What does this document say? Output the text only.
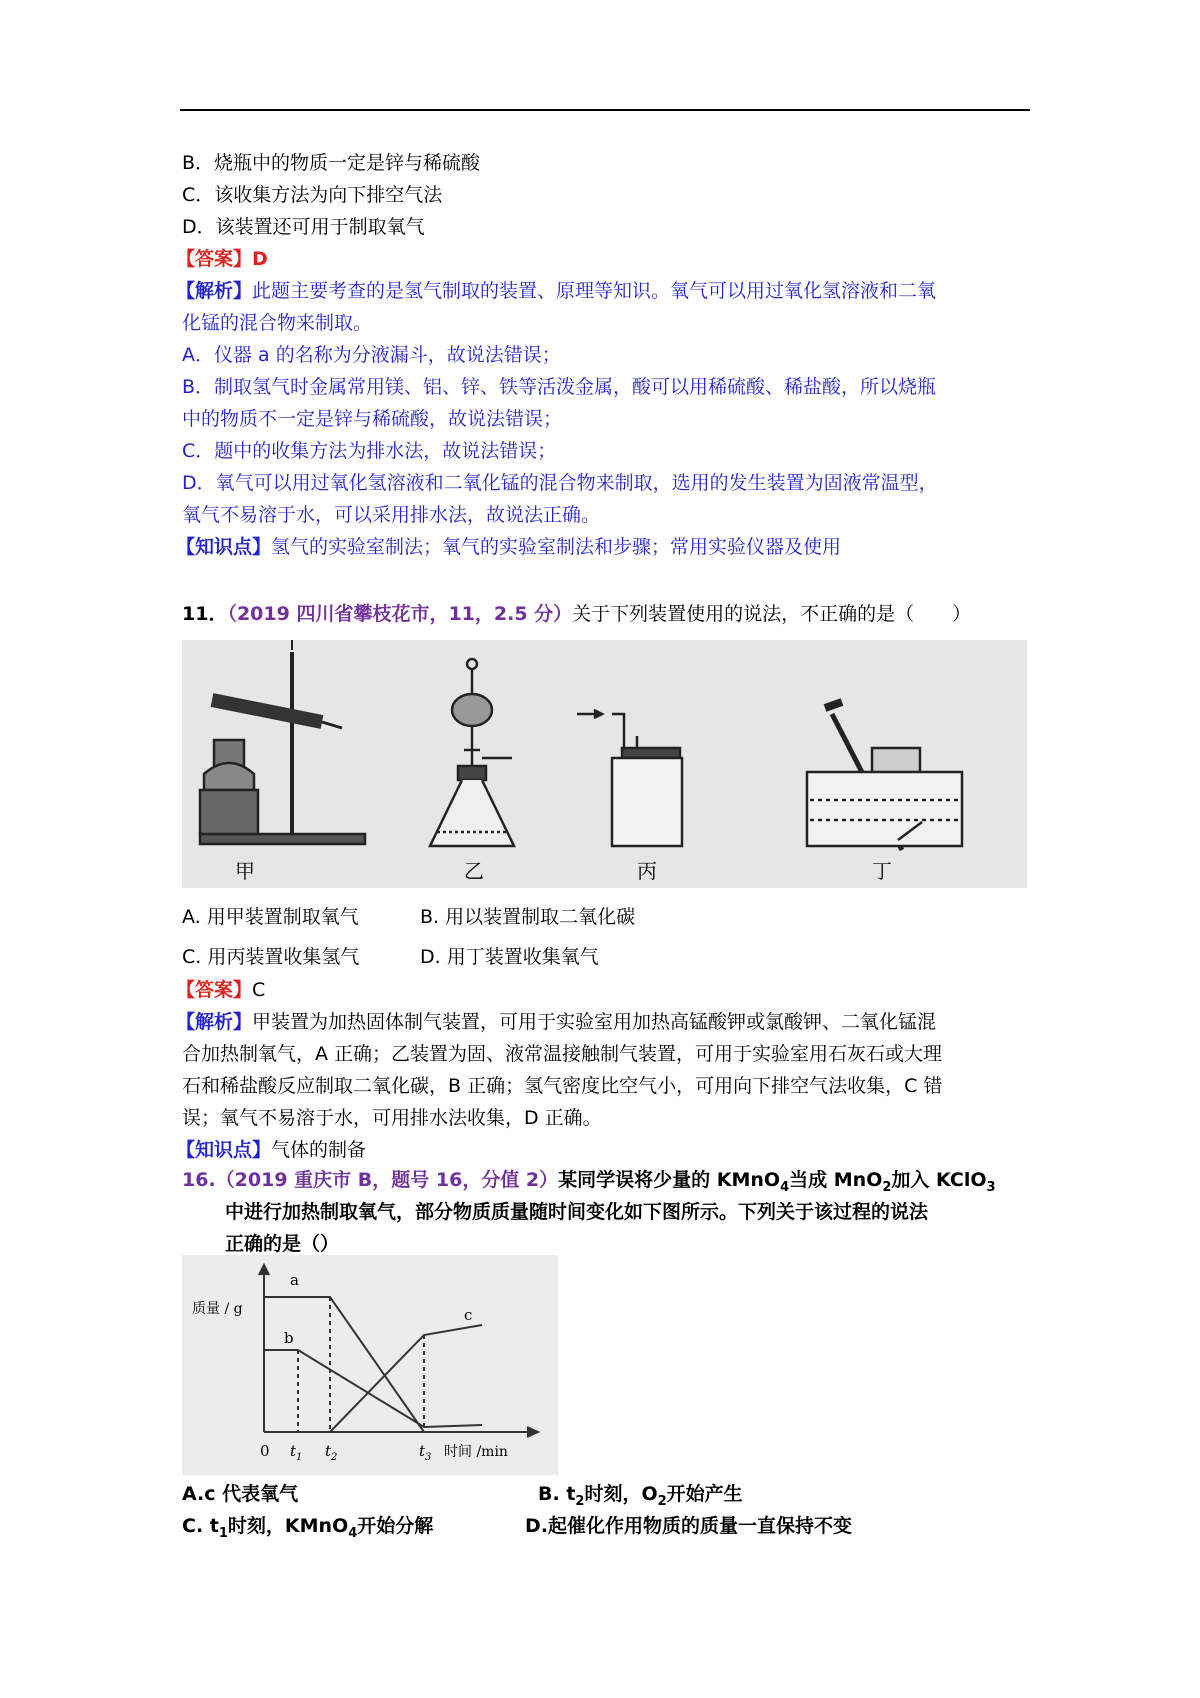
B．烧瓶中的物质一定是锌与稀硫酸
C．该收集方法为向下排空气法
D．该装置还可用于制取氧气
【答案】D
【解析】此题主要考查的是氢气制取的装置、原理等知识。氧气可以用过氧化氢溶液和二氧
化锰的混合物来制取。
A．仪器 a 的名称为分液漏斗，故说法错误；
B．制取氢气时金属常用镁、铝、锌、铁等活泼金属，酸可以用稀硫酸、稀盐酸，所以烧瓶
中的物质不一定是锌与稀硫酸，故说法错误；
C．题中的收集方法为排水法，故说法错误；
D．氧气可以用过氧化氢溶液和二氧化锰的混合物来制取，选用的发生装置为固液常温型，
氧气不易溶于水，可以采用排水法，故说法正确。
【知识点】氢气的实验室制法；氧气的实验室制法和步骤；常用实验仪器及使用
11．（2019 四川省攀枝花市，11，2.5 分）关于下列装置使用的说法，不正确的是（　　）
甲	乙	丙	丁
A. 用甲装置制取氧气	B. 用以装置制取二氧化碳
C. 用丙装置收集氢气	D. 用丁装置收集氧气
【答案】C
【解析】甲装置为加热固体制气装置，可用于实验室用加热高锰酸钾或氯酸钾、二氧化锰混
合加热制氧气，A 正确；乙装置为固、液常温接触制气装置，可用于实验室用石灰石或大理
石和稀盐酸反应制取二氧化碳，B 正确；氢气密度比空气小，可用向下排空气法收集，C 错
误；氧气不易溶于水，可用排水法收集，D 正确。
【知识点】气体的制备
16.（2019 重庆市 B，题号 16，分值 2）某同学误将少量的 KMnO$_4$当成 MnO$_2$加入 KClO$_3$
中进行加热制取氧气，部分物质质量随时间变化如下图所示。下列关于该过程的说法
正确的是（）
质量 / g
a
b
c
0 $t_1$ $t_2$	$t_3$ 时间 /min
A.c 代表氧气	B. $t_2$时刻，$O_2$开始产生
C. $t_1$时刻，KMnO$_4$开始分解	D.起催化作用物质的质量一直保持不变
